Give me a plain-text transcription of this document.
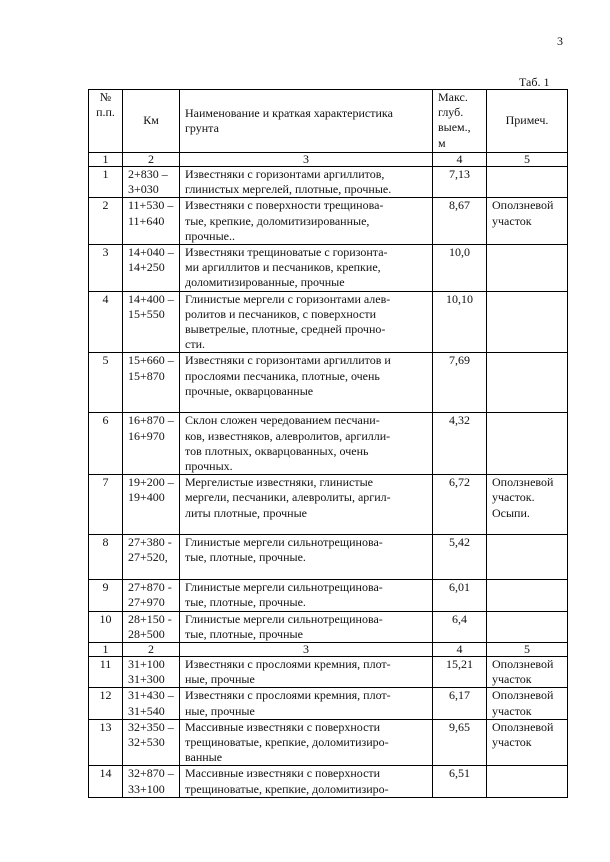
3
Таб. 1
№
п.п.	Км	Наименование и краткая характеристика
грунта	Макс.
глуб.
выем.,
м	Примеч.
1	2	3	4	5
1	2+830 –
3+030	Известняки с горизонтами аргиллитов,
глинистых мергелей, плотные, прочные.	7,13	
2	11+530 –
11+640	Известняки с поверхности трещинова-
тые, крепкие, доломитизированные,
прочные..	8,67	Оползневой
участок

3	14+040 –
14+250	Известняки трещиноватые с горизонта-
ми аргиллитов и песчаников, крепкие,
доломитизированные, прочные	10,0	
4	14+400 –
15+550	Глинистые мергели с горизонтами алев-
ролитов и песчаников, с поверхности
выветрелые, плотные, средней прочно-
сти.	10,10	
5	15+660 –
15+870	Известняки с горизонтами аргиллитов и
прослоями песчаника, плотные, очень
прочные, окварцованные	7,69	
6	16+870 –
16+970	Склон сложен чередованием песчани-
ков, известняков, алевролитов, аргилли-
тов плотных, окварцованных, очень
прочных.	4,32	
7	19+200 –
19+400	Мергелистые известняки, глинистые
мергели, песчаники, алевролиты, аргил-
литы плотные, прочные	6,72	Оползневой
участок.
Осыпи.

8	27+380 -
27+520,	Глинистые мергели сильнотрещинова-
тые, плотные, прочные.	5,42	
9	27+870 -
27+970	Глинистые мергели сильнотрещинова-
тые, плотные, прочные.	6,01	
10	28+150 -
28+500	Глинистые мергели сильнотрещинова-
тые, плотные, прочные	6,4	
1	2	3	4	5
11	31+100
31+300	Известняки с прослоями кремния, плот-
ные, прочные	15,21	Оползневой
участок

12	31+430 –
31+540	Известняки с прослоями кремния, плот-
ные, прочные	6,17	Оползневой
участок

13	32+350 –
32+530	Массивные известняки с поверхности
трещиноватые, крепкие, доломитизиро-
ванные	9,65	Оползневой
участок

14	32+870 –
33+100	Массивные известняки с поверхности
трещиноватые, крепкие, доломитизиро-	6,51	
